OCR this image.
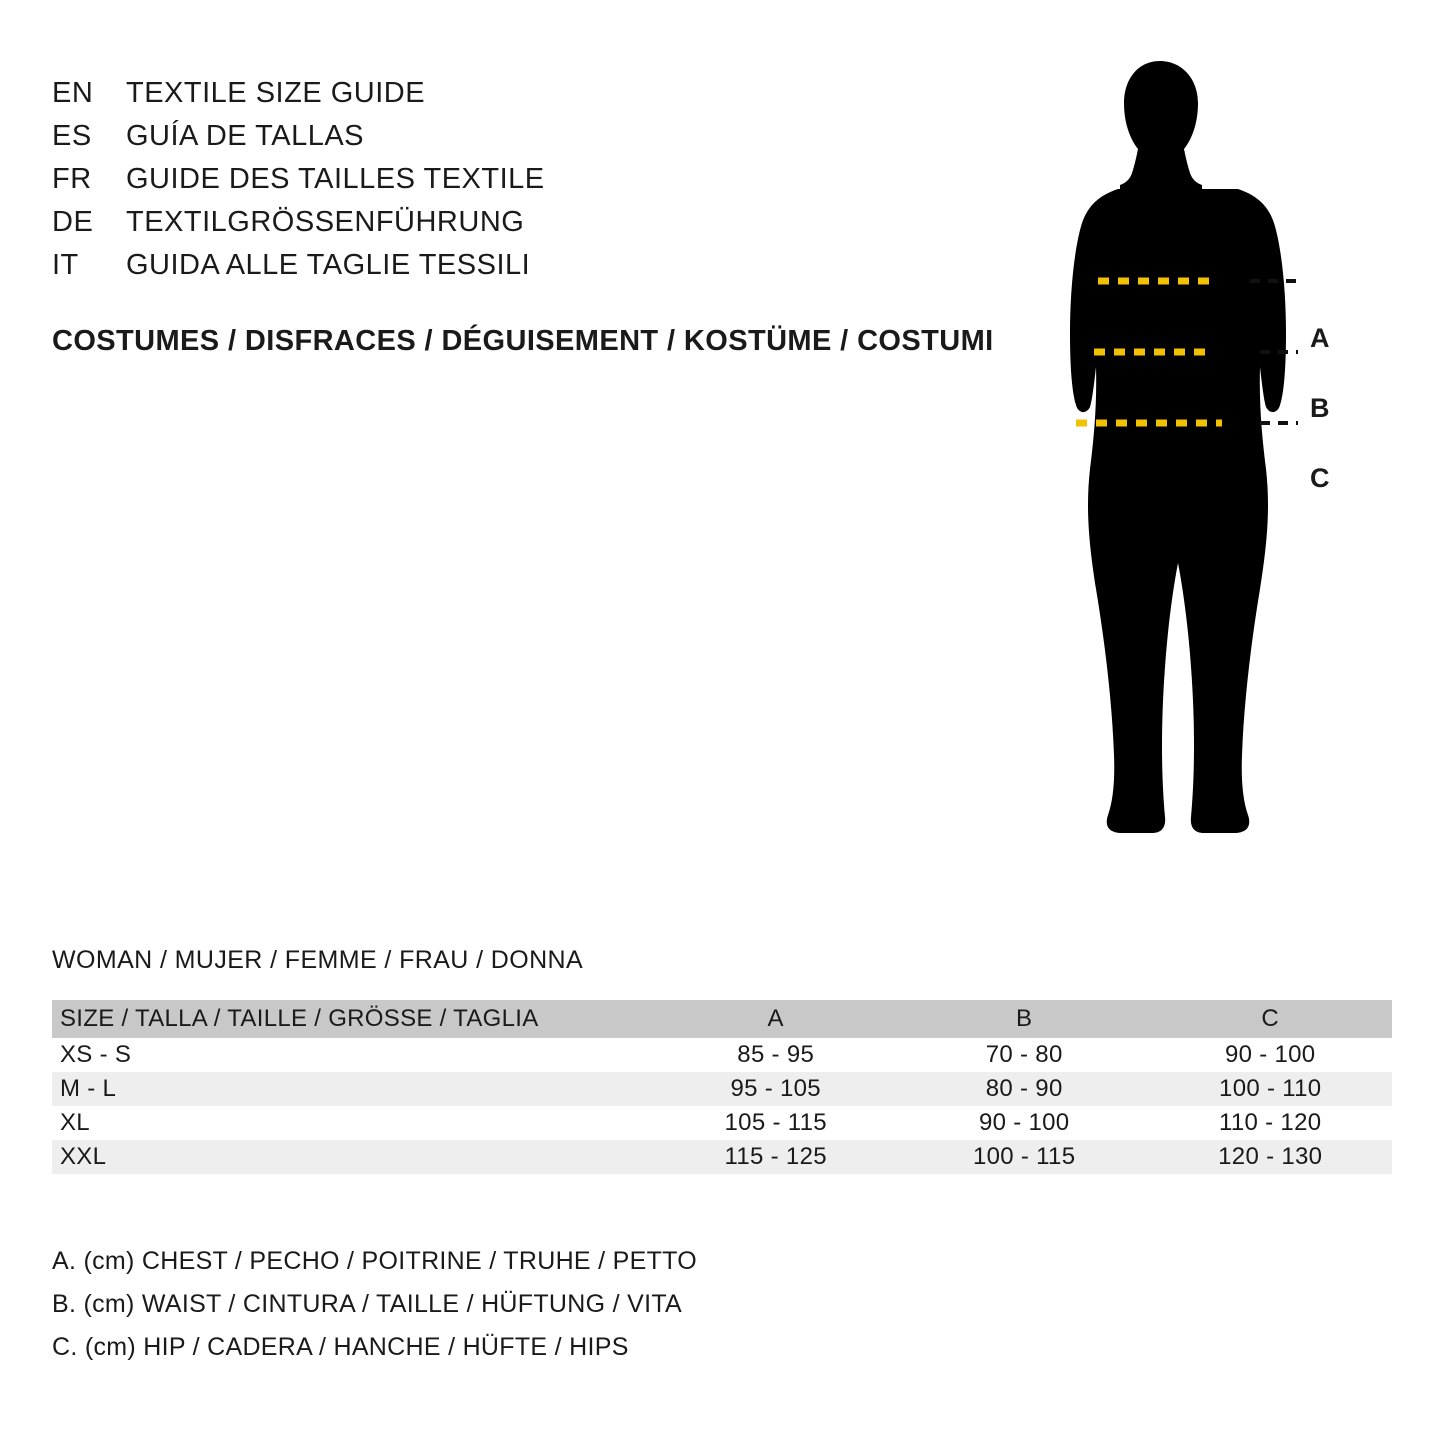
EN	TEXTILE SIZE GUIDE
ES	GUÍA DE TALLAS
FR	GUIDE DES TAILLES TEXTILE
DE	TEXTILGRÖSSENFÜHRUNG
IT	GUIDA ALLE TAGLIE TESSILI
COSTUMES / DISFRACES / DÉGUISEMENT / KOSTÜME / COSTUMI	A
B
C
WOMAN / MUJER / FEMME / FRAU / DONNA
SIZE / TALLA / TAILLE / GRÖSSE / TAGLIA	A	B	C
XS - S	85 - 95	70 - 80	90 - 100
M - L	95 - 105	80 - 90	100 - 110
XL	105 - 115	90 - 100	110 - 120
XXL	115 - 125	100 - 115	120 - 130
A. (cm) CHEST / PECHO / POITRINE / TRUHE / PETTO
B. (cm) WAIST / CINTURA / TAILLE / HÜFTUNG / VITA
C. (cm) HIP / CADERA / HANCHE / HÜFTE / HIPS
